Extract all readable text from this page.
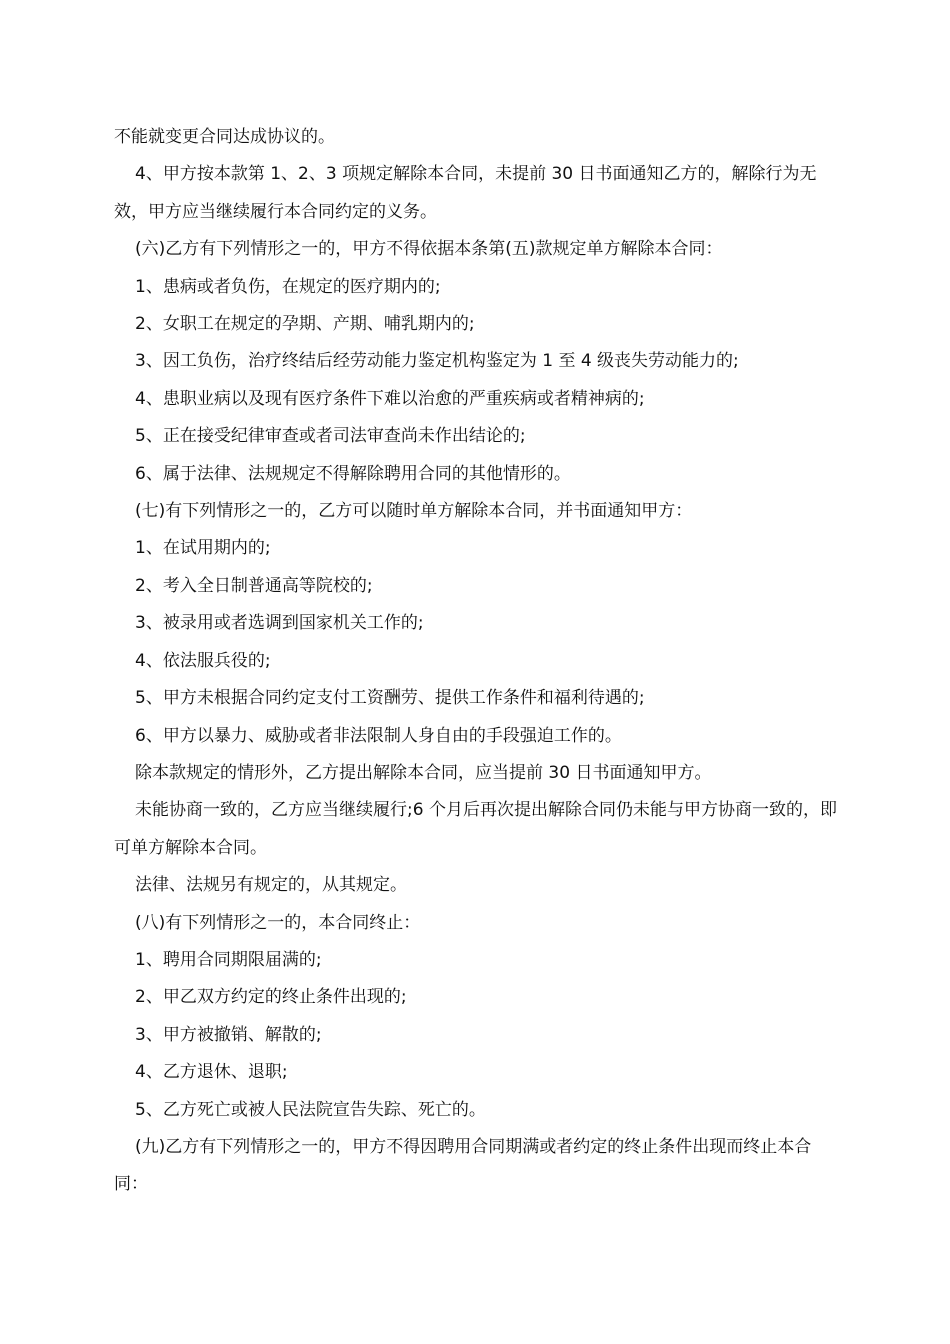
不能就变更合同达成协议的。

4、甲方按本款第 1、2、3 项规定解除本合同，未提前 30 日书面通知乙方的，解除行为无效，甲方应当继续履行本合同约定的义务。

(六)乙方有下列情形之一的，甲方不得依据本条第(五)款规定单方解除本合同：

1、患病或者负伤，在规定的医疗期内的;

2、女职工在规定的孕期、产期、哺乳期内的;

3、因工负伤，治疗终结后经劳动能力鉴定机构鉴定为 1 至 4 级丧失劳动能力的;

4、患职业病以及现有医疗条件下难以治愈的严重疾病或者精神病的;

5、正在接受纪律审查或者司法审查尚未作出结论的;

6、属于法律、法规规定不得解除聘用合同的其他情形的。

(七)有下列情形之一的，乙方可以随时单方解除本合同，并书面通知甲方：

1、在试用期内的;

2、考入全日制普通高等院校的;

3、被录用或者选调到国家机关工作的;

4、依法服兵役的;

5、甲方未根据合同约定支付工资酬劳、提供工作条件和福利待遇的;

6、甲方以暴力、威胁或者非法限制人身自由的手段强迫工作的。

除本款规定的情形外，乙方提出解除本合同，应当提前 30 日书面通知甲方。

未能协商一致的，乙方应当继续履行;6 个月后再次提出解除合同仍未能与甲方协商一致的，即可单方解除本合同。

法律、法规另有规定的，从其规定。

(八)有下列情形之一的，本合同终止：

1、聘用合同期限届满的;

2、甲乙双方约定的终止条件出现的;

3、甲方被撤销、解散的;

4、乙方退休、退职;

5、乙方死亡或被人民法院宣告失踪、死亡的。

(九)乙方有下列情形之一的，甲方不得因聘用合同期满或者约定的终止条件出现而终止本合同：
